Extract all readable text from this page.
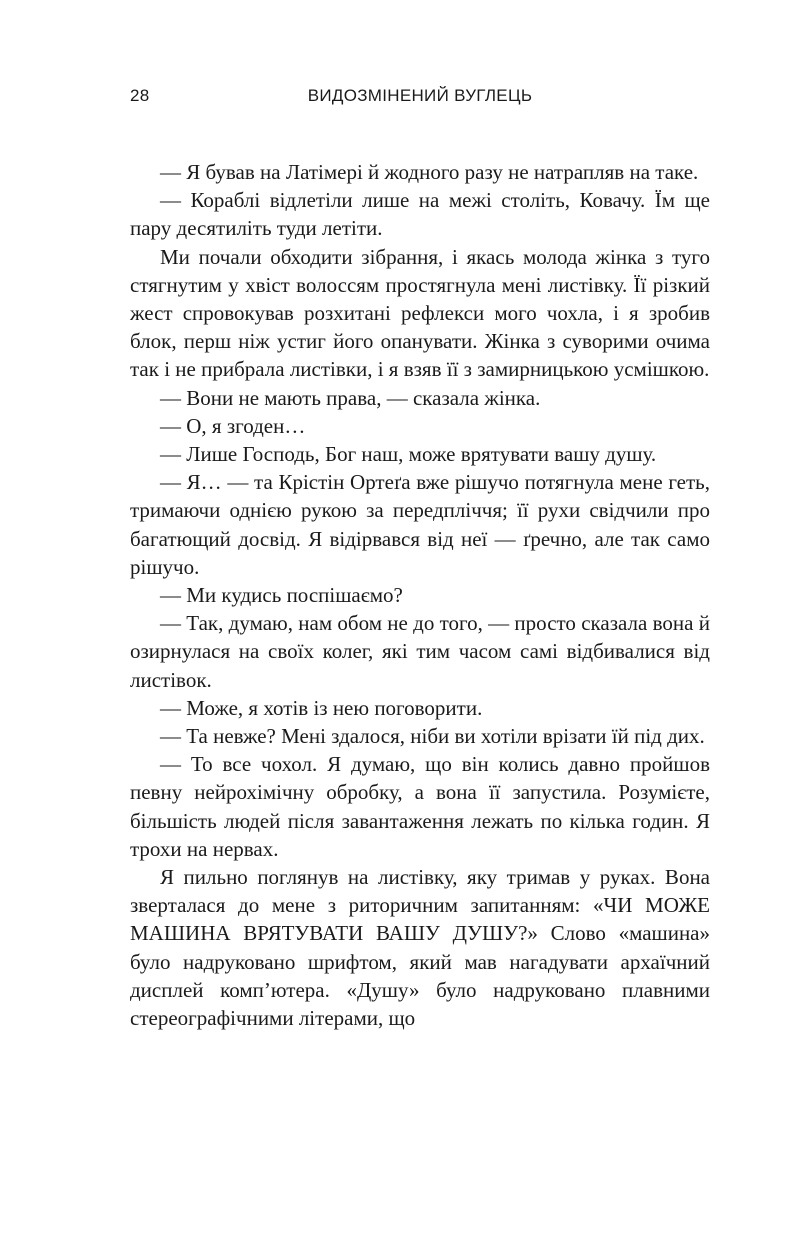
28	ВИДОЗМІНЕНИЙ ВУГЛЕЦЬ

— Я бував на Латімері й жодного разу не натрапляв на таке.

— Кораблі відлетіли лише на межі століть, Ковачу. Їм ще пару десятиліть туди летіти.

Ми почали обходити зібрання, і якась молода жінка з туго стягнутим у хвіст волоссям простягнула мені листівку. Її різкий жест спровокував розхитані рефлекси мого чохла, і я зробив блок, перш ніж устиг його опанувати. Жінка з суворими очима так і не прибрала листівки, і я взяв її з замирницькою усмішкою.

— Вони не мають права, — сказала жінка.

— О, я згоден…

— Лише Господь, Бог наш, може врятувати вашу душу.

— Я… — та Крістін Ортеґа вже рішучо потягнула мене геть, тримаючи однією рукою за передпліччя; її рухи свідчили про багатющий досвід. Я відірвався від неї — ґречно, але так само рішучо.

— Ми кудись поспішаємо?

— Так, думаю, нам обом не до того, — просто сказала вона й озирнулася на своїх колег, які тим часом самі відбивалися від листівок.

— Може, я хотів із нею поговорити.

— Та невже? Мені здалося, ніби ви хотіли врізати їй під дих.

— То все чохол. Я думаю, що він колись давно пройшов певну нейрохімічну обробку, а вона її запустила. Розумієте, більшість людей після завантаження лежать по кілька годин. Я трохи на нервах.

Я пильно поглянув на листівку, яку тримав у руках. Вона зверталася до мене з риторичним запитанням: «ЧИ МОЖЕ МАШИНА ВРЯТУВАТИ ВАШУ ДУШУ?» Слово «машина» було надруковано шрифтом, який мав нагадувати архаїчний дисплей комп’ютера. «Душу» було надруковано плавними стереографічними літерами, що
